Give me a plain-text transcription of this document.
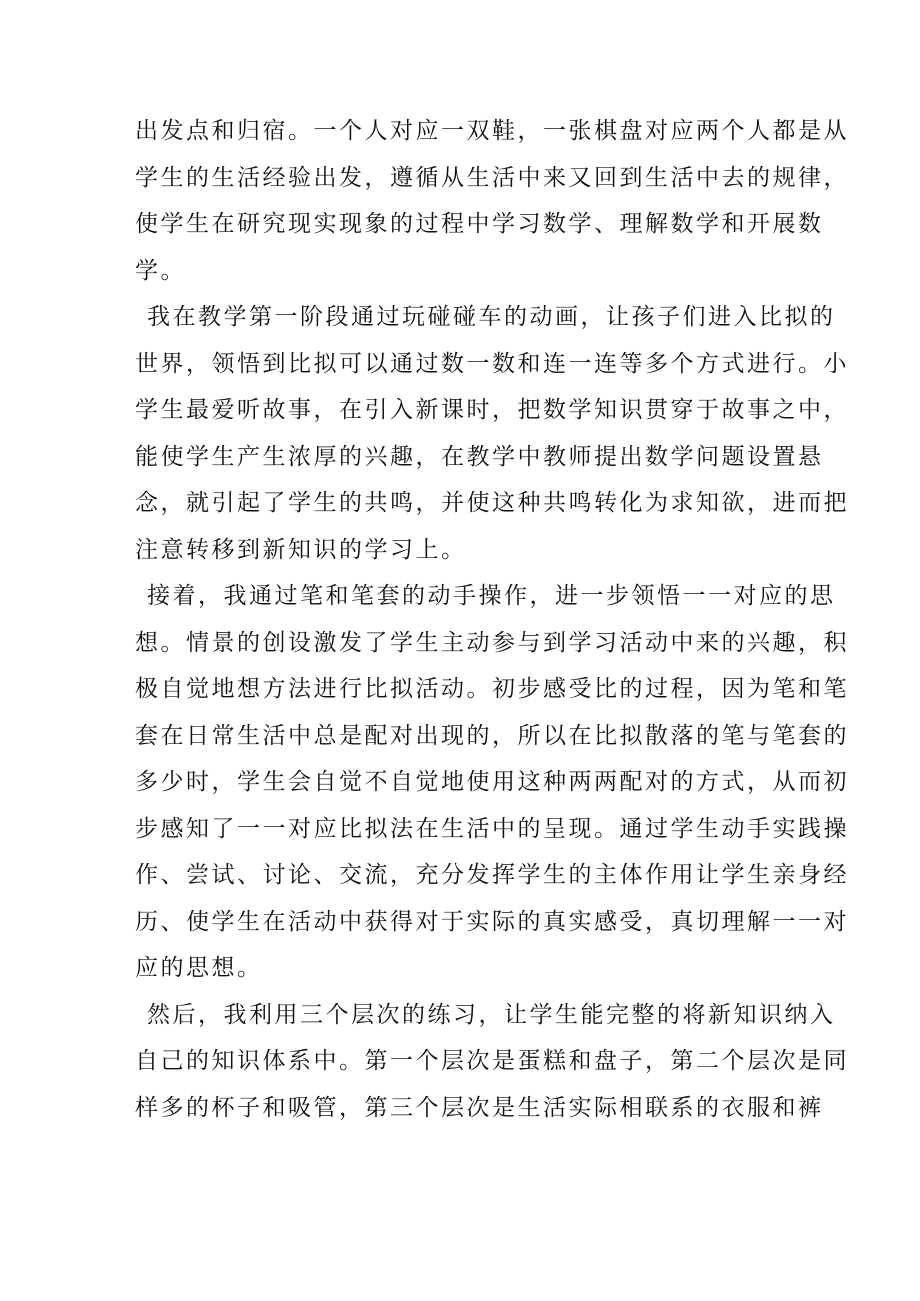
出发点和归宿。一个人对应一双鞋，一张棋盘对应两个人都是从
学生的生活经验出发，遵循从生活中来又回到生活中去的规律，
使学生在研究现实现象的过程中学习数学、理解数学和开展数
学。
我在教学第一阶段通过玩碰碰车的动画，让孩子们进入比拟的
世界，领悟到比拟可以通过数一数和连一连等多个方式进行。小
学生最爱听故事，在引入新课时，把数学知识贯穿于故事之中，
能使学生产生浓厚的兴趣，在教学中教师提出数学问题设置悬
念，就引起了学生的共鸣，并使这种共鸣转化为求知欲，进而把
注意转移到新知识的学习上。
接着，我通过笔和笔套的动手操作，进一步领悟一一对应的思
想。情景的创设激发了学生主动参与到学习活动中来的兴趣，积
极自觉地想方法进行比拟活动。初步感受比的过程，因为笔和笔
套在日常生活中总是配对出现的，所以在比拟散落的笔与笔套的
多少时，学生会自觉不自觉地使用这种两两配对的方式，从而初
步感知了一一对应比拟法在生活中的呈现。通过学生动手实践操
作、尝试、讨论、交流，充分发挥学生的主体作用让学生亲身经
历、使学生在活动中获得对于实际的真实感受，真切理解一一对
应的思想。
然后，我利用三个层次的练习，让学生能完整的将新知识纳入
自己的知识体系中。第一个层次是蛋糕和盘子，第二个层次是同
样多的杯子和吸管，第三个层次是生活实际相联系的衣服和裤
